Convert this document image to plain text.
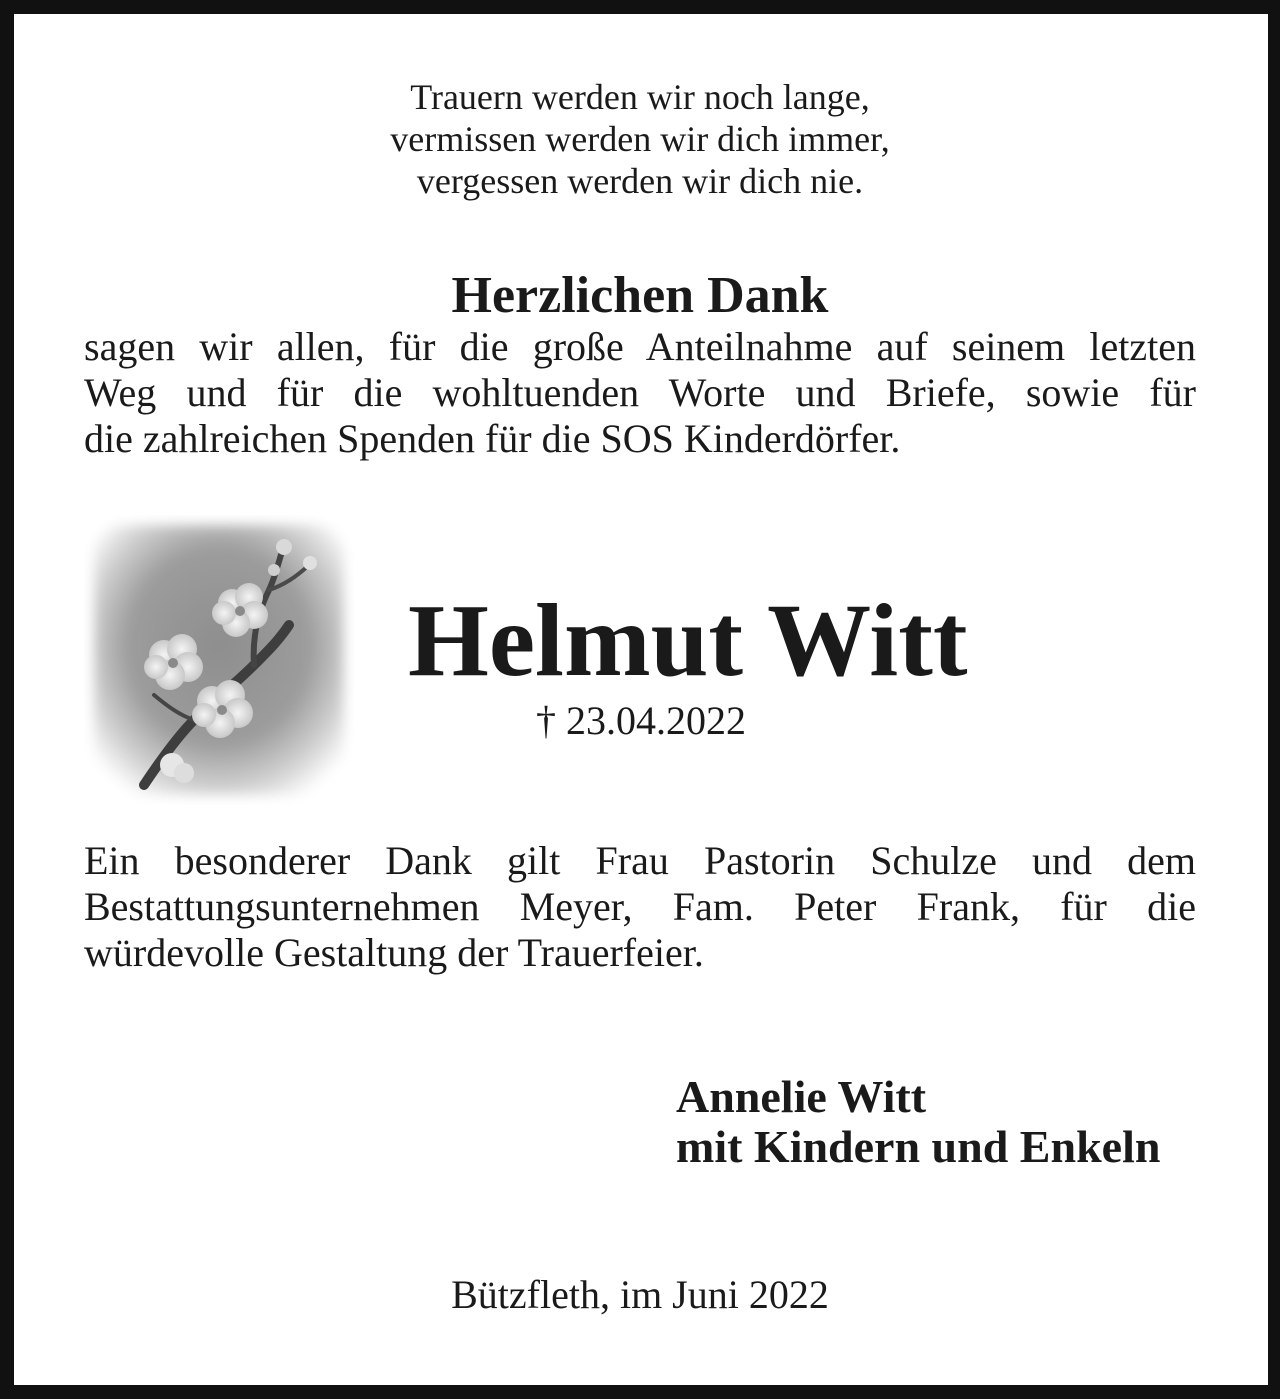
Trauern werden wir noch lange,
vermissen werden wir dich immer,
vergessen werden wir dich nie.
Herzlichen Dank
sagen wir allen, für die große Anteilnahme auf seinem letzten
Weg und für die wohltuenden Worte und Briefe, sowie für
die zahlreichen Spenden für die SOS Kinderdörfer.
Helmut Witt
† 23.04.2022
Ein besonderer Dank gilt Frau Pastorin Schulze und dem
Bestattungsunternehmen Meyer, Fam. Peter Frank, für die
würdevolle Gestaltung der Trauerfeier.
Annelie Witt
mit Kindern und Enkeln
Bützfleth, im Juni 2022
